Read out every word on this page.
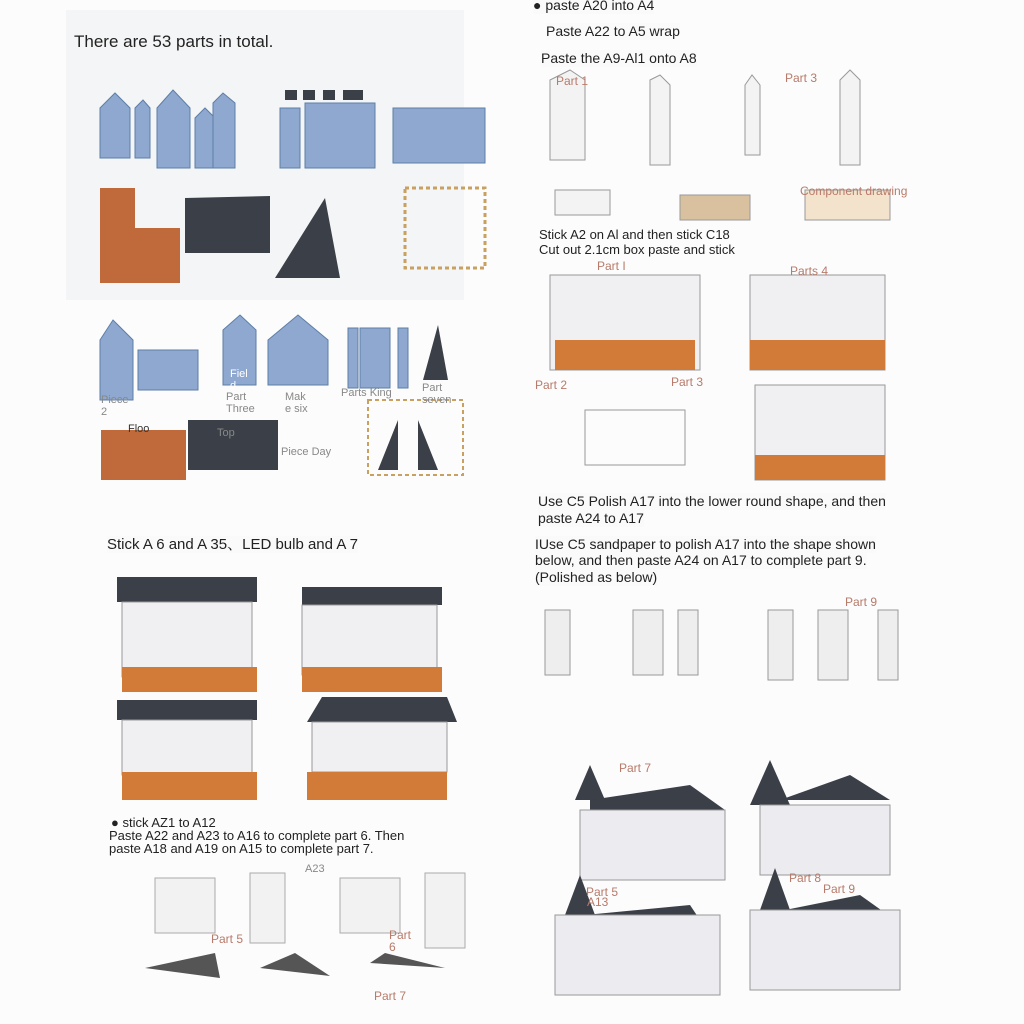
There are 53 parts in total.
Piece
2
Fiel
d
Part
Three
Mak
e six
Parts King	Part
seven
Floo	Top
Piece Day
Stick A 6 and A 35、LED bulb and A 7
● stick AZ1 to A12
Paste A22 and A23 to A16 to complete part 6. Then
paste A18 and A19 on A15 to complete part 7.
A23
Part 5	Part
6
Part 7
● paste A20 into A4
Paste A22 to A5 wrap
Paste the A9-Al1 onto A8
Part 1	Part 3
Component drawing
Stick A2 on Al and then stick C18
Cut out 2.1cm box paste and stick
Part I	Parts 4
Part 2	Part 3
Use C5 Polish A17 into the lower round shape, and then
paste A24 to A17
IUse C5 sandpaper to polish A17 into the shape shown
below, and then paste A24 on A17 to complete part 9.
(Polished as below)
Part 9
Part 7
Part 5
A13
Part 8
Part 9
